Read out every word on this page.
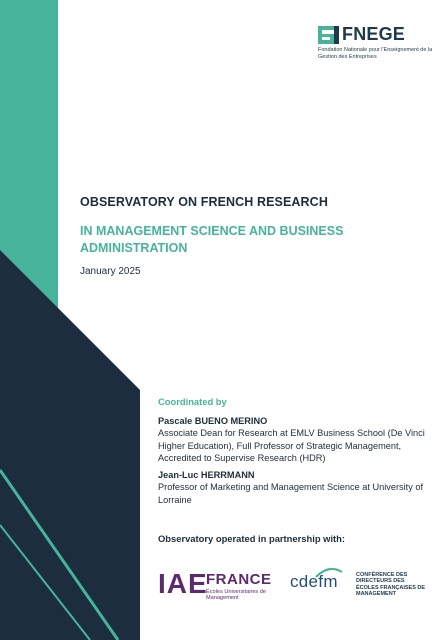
FNEGE
Fondation Nationale pour l'Enseignement de la Gestion des Entreprises
OBSERVATORY ON FRENCH RESEARCH
IN MANAGEMENT SCIENCE AND BUSINESS ADMINISTRATION
January 2025
Coordinated by
Pascale BUENO MERINO
Associate Dean for Research at EMLV Business School (De Vinci Higher Education), Full Professor of Strategic Management, Accredited to Supervise Research (HDR)
Jean-Luc HERRMANN
Professor of Marketing and Management Science at University of Lorraine
Observatory operated in partnership with:
IAE
FRANCE
Écoles Universitaires de Management
cdefm	CONFÉRENCE DES DIRECTEURS DES ÉCOLES FRANÇAISES DE MANAGEMENT
